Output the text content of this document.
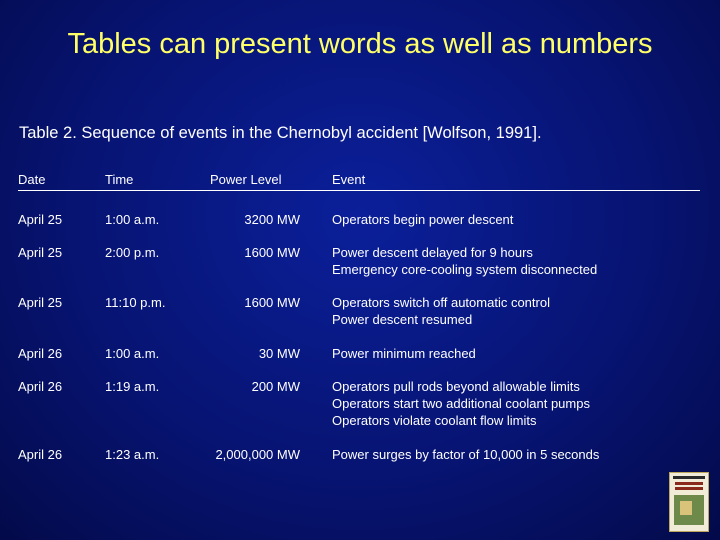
Tables can present words as well as numbers
Table 2. Sequence of events in the Chernobyl accident [Wolfson, 1991].
Date	Time	Power Level	Event
April 25	1:00 a.m.	3200 MW Operators begin power descent
April 25	2:00 p.m.	1600 MW Power descent delayed for 9 hours
Emergency core-cooling system disconnected
April 25	11:10 p.m.	1600 MW Operators switch off automatic control
Power descent resumed
April 26	1:00 a.m.	30 MW Power minimum reached
April 26	1:19 a.m.	200 MW Operators pull rods beyond allowable limits
Operators start two additional coolant pumps
Operators violate coolant flow limits
April 26	1:23 a.m.	2,000,000 MW Power surges by factor of 10,000 in 5 seconds
